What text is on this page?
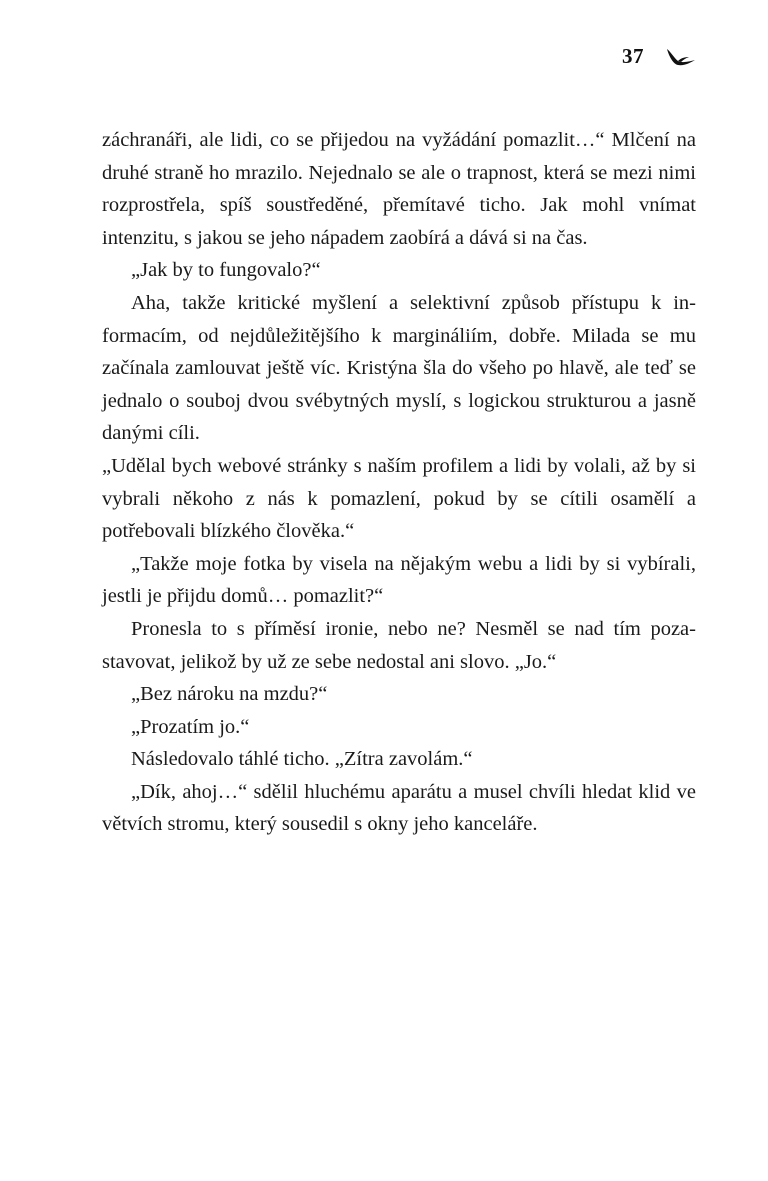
37

záchranáři, ale lidi, co se přijedou na vyžádání pomazlit…“ Mlčení na druhé straně ho mrazilo. Nejednalo se ale o trapnost, která se mezi nimi rozprostřela, spíš soustředěné, přemítavé ticho. Jak mohl vnímat intenzitu, s jakou se jeho nápadem zaobírá a dává si na čas.

„Jak by to fungovalo?“

Aha, takže kritické myšlení a selektivní způsob přístupu k informacím, od nejdůležitějšího k margináliím, dobře. Milada se mu začínala zamlouvat ještě víc. Kristýna šla do všeho po hlavě, ale teď se jednalo o souboj dvou svébytných myslí, s logickou strukturou a jasně danými cíli.

„Udělal bych webové stránky s naším profilem a lidi by volali, až by si vybrali někoho z nás k pomazlení, pokud by se cítili osamělí a potřebovali blízkého člověka.“

„Takže moje fotka by visela na nějakým webu a lidi by si vybírali, jestli je přijdu domů… pomazlit?“

Pronesla to s příměsí ironie, nebo ne? Nesměl se nad tím pozastavovat, jelikož by už ze sebe nedostal ani slovo. „Jo.“

„Bez nároku na mzdu?“

„Prozatím jo.“

Následovalo táhlé ticho. „Zítra zavolám.“

„Dík, ahoj…“ sdělil hluchému aparátu a musel chvíli hledat klid ve větvích stromu, který sousedil s okny jeho kanceláře.
